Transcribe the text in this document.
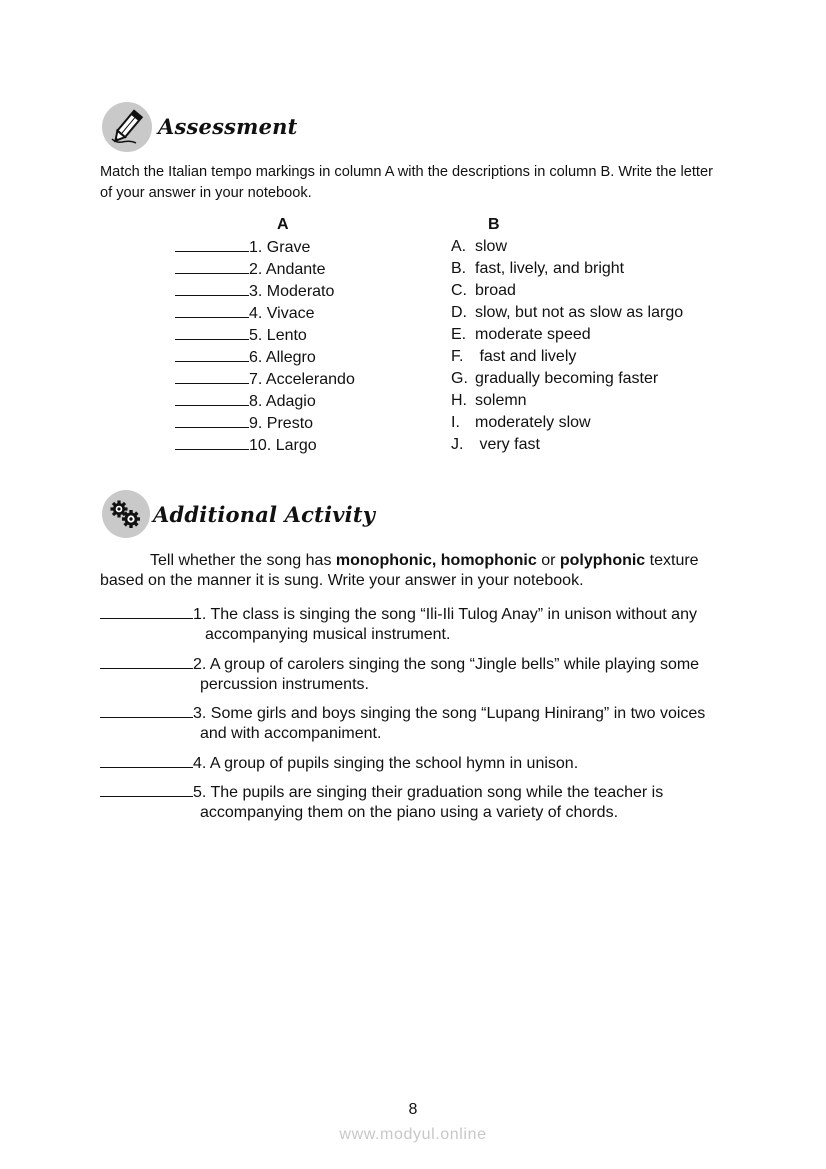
Assessment
Match the Italian tempo markings in column A with the descriptions in column B. Write the letter of your answer in your notebook.
A	B
1. Grave
2. Andante
3. Moderato
4. Vivace
5. Lento
6. Allegro
7. Accelerando
8. Adagio
9. Presto
10. Largo
A. slow
B. fast, lively, and bright
C. broad
D. slow, but not as slow as largo
E. moderate speed
F. fast and lively
G. gradually becoming faster
H. solemn
I. moderately slow
J. very fast
Additional Activity
Tell whether the song has monophonic, homophonic or polyphonic texture based on the manner it is sung. Write your answer in your notebook.
1. The class is singing the song “Ili-Ili Tulog Anay” in unison without any
accompanying musical instrument.
2. A group of carolers singing the song “Jingle bells” while playing some
percussion instruments.
3. Some girls and boys singing the song “Lupang Hinirang” in two voices
and with accompaniment.
4. A group of pupils singing the school hymn in unison.
5. The pupils are singing their graduation song while the teacher is
accompanying them on the piano using a variety of chords.
8
www.modyul.online
